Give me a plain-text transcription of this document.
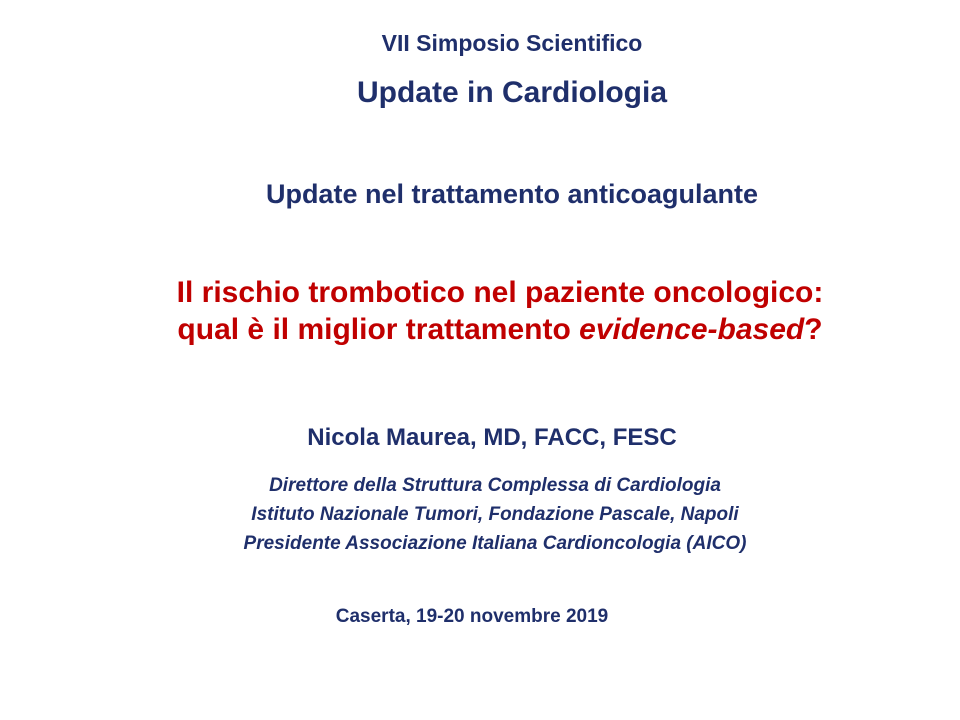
VII Simposio Scientifico
Update in Cardiologia
Update nel trattamento anticoagulante
Il rischio trombotico nel paziente oncologico:
qual è il miglior trattamento evidence-based?
Nicola Maurea, MD, FACC, FESC
Direttore della Struttura Complessa di Cardiologia
Istituto Nazionale Tumori, Fondazione Pascale, Napoli
Presidente Associazione Italiana Cardioncologia (AICO)
Caserta, 19-20 novembre 2019
